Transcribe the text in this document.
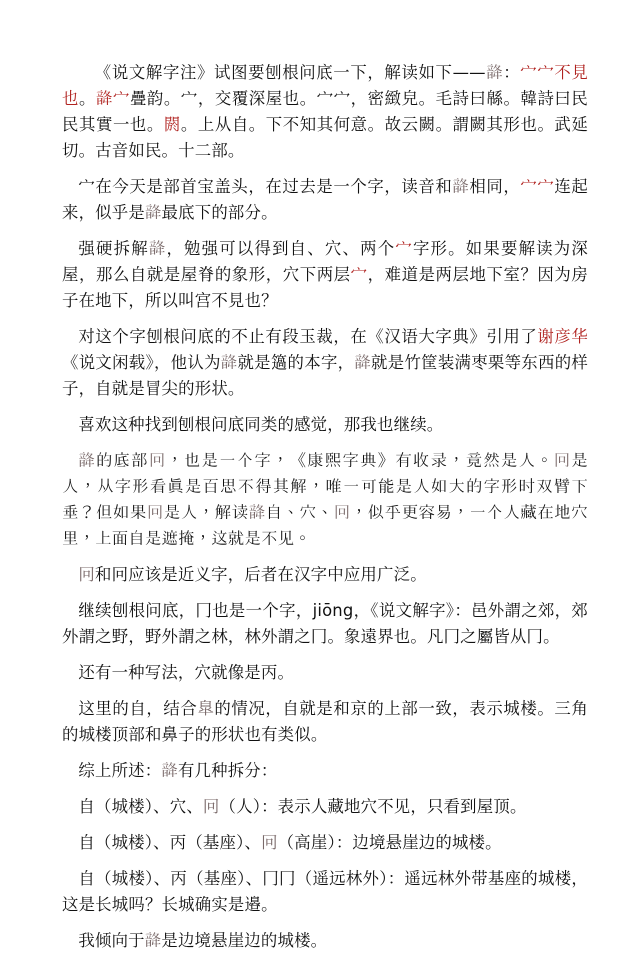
《说文解字注》试图要刨根问底一下，解读如下——𩐨：宀宀不見也。𩐨宀疊韵。宀，交覆深屋也。宀宀，密緻皃。毛詩曰緜。韓詩曰民民其實一也。閼。上从自。下不知其何意。故云闕。謂闕其形也。武延切。古音如民。十二部。

宀在今天是部首宝盖头，在过去是一个字，读音和𩐨相同，宀宀连起来，似乎是𩐨最底下的部分。

强硬拆解𩐨，勉强可以得到自、穴、两个宀字形。如果要解读为深屋，那么自就是屋脊的象形，穴下两层宀，难道是两层地下室？因为房子在地下，所以叫宫不見也？

对这个字刨根问底的不止有段玉裁，在《汉语大字典》引用了谢彦华《说文闲载》，他认为𩐨就是簻的本字，𩐨就是竹筐装满枣栗等东西的样子，自就是冒尖的形状。

喜欢这种找到刨根问底同类的感觉，那我也继续。

𩐨的底部冋，也是一个字，《康熙字典》有收录，竟然是人。冋是人，从字形看真是百思不得其解，唯一可能是人如大的字形时双臂下垂？但如果冋是人，解读𩐨自、穴、冋，似乎更容易，一个人藏在地穴里，上面自是遮掩，这就是不见。

冋和冋应该是近义字，后者在汉字中应用广泛。

继续刨根问底，冂也是一个字，jiōng，《说文解字》：邑外謂之郊，郊外謂之野，野外謂之林，林外謂之冂。象遠界也。凡冂之屬皆从冂。

还有一种写法，穴就像是丙。

这里的自，结合臯的情况，自就是和京的上部一致，表示城楼。三角的城楼顶部和鼻子的形状也有类似。

综上所述：𩐨有几种拆分：

自（城楼）、穴、冋（人）：表示人藏地穴不见，只看到屋顶。

自（城楼）、丙（基座）、冋（高崖）：边境悬崖边的城楼。

自（城楼）、丙（基座）、冂冂（遥远林外）：遥远林外带基座的城楼，这是长城吗？长城确实是邉。

我倾向于𩐨是边境悬崖边的城楼。
